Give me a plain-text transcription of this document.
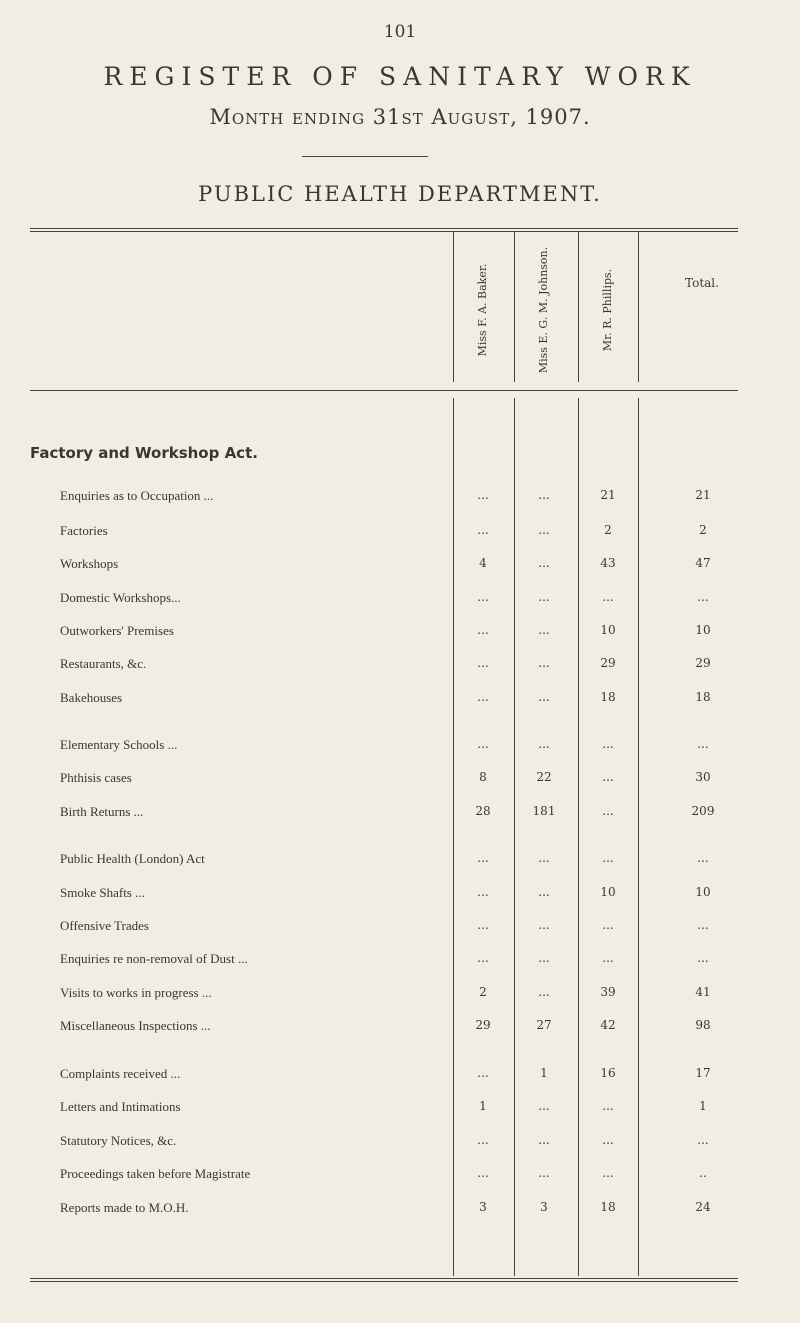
101
REGISTER OF SANITARY WORK
Month ending 31st August, 1907.
PUBLIC HEALTH DEPARTMENT.
Miss F. A. Baker.	Miss E. G. M. Johnson.	Mr. R. Phillips.	Total.
Factory and Workshop Act.
Enquiries as to Occupation ...	...	...	21	21
Factories	...	...	2	2
Workshops	4	...	43	47
Domestic Workshops...	...	...	...	...
Outworkers' Premises	...	...	10	10
Restaurants, &c.	...	...	29	29
Bakehouses	...	...	18	18
Elementary Schools ...	...	...	...	...
Phthisis cases	8	22	...	30
Birth Returns ...	28	181	...	209
Public Health (London) Act	...	...	...	...
Smoke Shafts ...	...	...	10	10
Offensive Trades	...	...	...	...
Enquiries re non-removal of Dust ...	...	...	...	...
Visits to works in progress ...	2	...	39	41
Miscellaneous Inspections ...	29	27	42	98
Complaints received ...	...	1	16	17
Letters and Intimations	1	...	...	1
Statutory Notices, &c.	...	...	...	...
Proceedings taken before Magistrate	...	...	...	..
Reports made to M.O.H.	3	3	18	24
